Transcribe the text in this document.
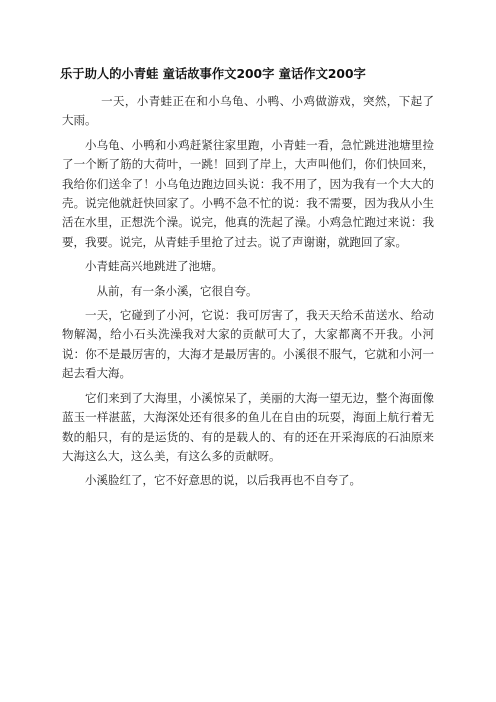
乐于助人的小青蛙 童话故事作文200字 童话作文200字

一天，小青蛙正在和小乌龟、小鸭、小鸡做游戏，突然，下起了大雨。

小乌龟、小鸭和小鸡赶紧往家里跑，小青蛙一看，急忙跳进池塘里捡了一个断了筋的大荷叶，一跳！回到了岸上，大声叫他们，你们快回来，我给你们送伞了！小乌龟边跑边回头说：我不用了，因为我有一个大大的壳。说完他就赶快回家了。小鸭不急不忙的说：我不需要，因为我从小生活在水里，正想洗个澡。说完，他真的洗起了澡。小鸡急忙跑过来说：我要，我要。说完，从青蛙手里抢了过去。说了声谢谢，就跑回了家。

小青蛙高兴地跳进了池塘。

从前，有一条小溪，它很自夸。

一天，它碰到了小河，它说：我可厉害了，我天天给禾苗送水、给动物解渴，给小石头洗澡我对大家的贡献可大了，大家都离不开我。小河说：你不是最厉害的，大海才是最厉害的。小溪很不服气，它就和小河一起去看大海。

它们来到了大海里，小溪惊呆了，美丽的大海一望无边，整个海面像蓝玉一样湛蓝，大海深处还有很多的鱼儿在自由的玩耍，海面上航行着无数的船只，有的是运货的、有的是载人的、有的还在开采海底的石油原来大海这么大，这么美，有这么多的贡献呀。

小溪脸红了，它不好意思的说，以后我再也不自夸了。
